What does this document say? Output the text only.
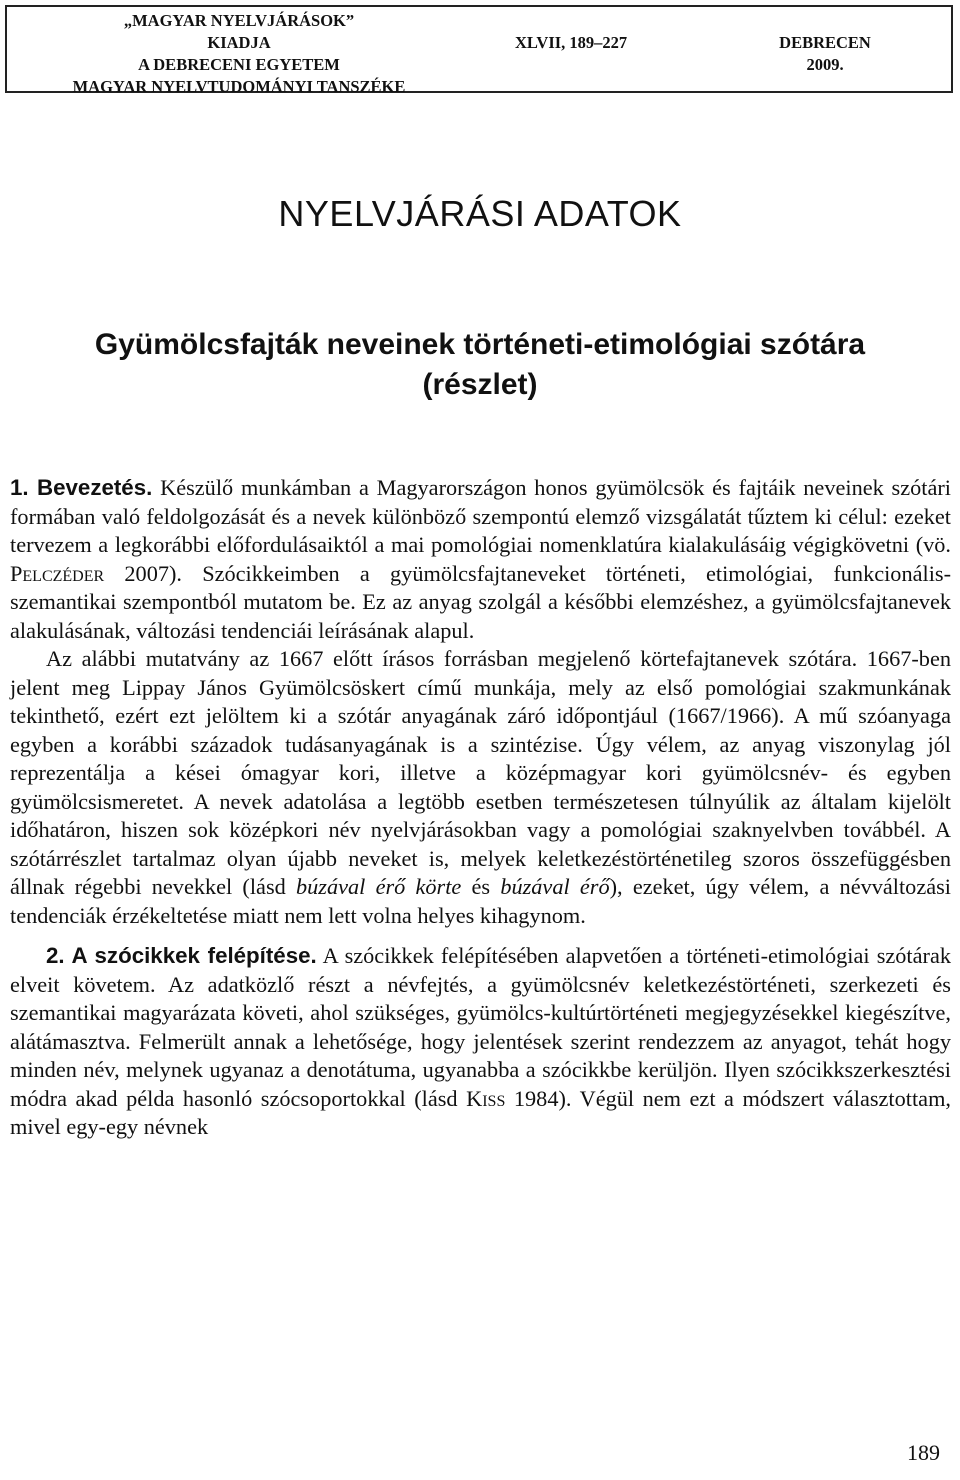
„MAGYAR NYELVJÁRÁSOK”
KIADJA
A DEBRECENI EGYETEM
MAGYAR NYELVTUDOMÁNYI TANSZÉKE
XLVII, 189–227	DEBRECEN
2009.
NYELVJÁRÁSI ADATOK
Gyümölcsfajták neveinek történeti-etimológiai szótára
(részlet)

1. Bevezetés. Készülő munkámban a Magyarországon honos gyümölcsök és fajtáik neveinek szótári formában való feldolgozását és a nevek különböző szempontú elemző vizsgálatát tűztem ki célul: ezeket tervezem a legkorábbi előfordulásaiktól a mai pomológiai nomenklatúra kialakulásáig végigkövetni (vö. Pelczéder 2007). Szócikkeimben a gyümölcsfajtaneveket történeti, etimológiai, funkcionális-szemantikai szempontból mutatom be. Ez az anyag szolgál a későbbi elemzéshez, a gyümölcsfajtanevek alakulásának, változási tendenciái leírásának alapul.

Az alábbi mutatvány az 1667 előtt írásos forrásban megjelenő körtefajtanevek szótára. 1667-ben jelent meg Lippay János Gyümölcsöskert című munkája, mely az első pomológiai szakmunkának tekinthető, ezért ezt jelöltem ki a szótár anyagának záró időpontjául (1667/1966). A mű szóanyaga egyben a korábbi századok tudásanyagának is a szintézise. Úgy vélem, az anyag viszonylag jól reprezentálja a kései ómagyar kori, illetve a középmagyar kori gyümölcsnév- és egyben gyümölcsismeretet. A nevek adatolása a legtöbb esetben természetesen túlnyúlik az általam kijelölt időhatáron, hiszen sok középkori név nyelvjárásokban vagy a pomológiai szaknyelvben továbbél. A szótárrészlet tartalmaz olyan újabb neveket is, melyek keletkezéstörténetileg szoros összefüggésben állnak régebbi nevekkel (lásd búzával érő körte és búzával érő), ezeket, úgy vélem, a névváltozási tendenciák érzékeltetése miatt nem lett volna helyes kihagynom.

2. A szócikkek felépítése. A szócikkek felépítésében alapvetően a történeti-etimológiai szótárak elveit követem. Az adatközlő részt a névfejtés, a gyümölcsnév keletkezéstörténeti, szerkezeti és szemantikai magyarázata követi, ahol szükséges, gyümölcs-kultúrtörténeti megjegyzésekkel kiegészítve, alátámasztva. Felmerült annak a lehetősége, hogy jelentések szerint rendezzem az anyagot, tehát hogy minden név, melynek ugyanaz a denotátuma, ugyanabba a szócikkbe kerüljön. Ilyen szócikkszerkesztési módra akad példa hasonló szócsoportokkal (lásd Kiss 1984). Végül nem ezt a módszert választottam, mivel egy-egy névnek

189
